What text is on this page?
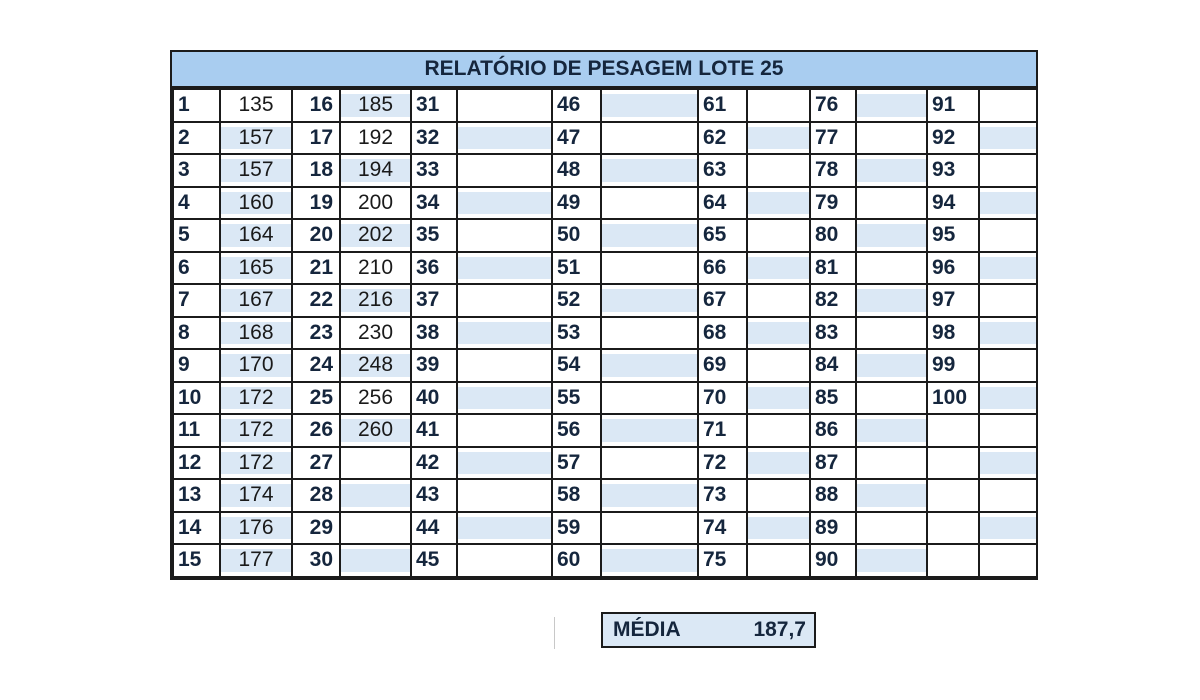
RELATÓRIO DE PESAGEM LOTE 25
1	135	16	185	31		46		61		76		91	
2	157	17	192	32		47		62		77		92	
3	157	18	194	33		48		63		78		93	
4	160	19	200	34		49		64		79		94	
5	164	20	202	35		50		65		80		95	
6	165	21	210	36		51		66		81		96	
7	167	22	216	37		52		67		82		97	
8	168	23	230	38		53		68		83		98	
9	170	24	248	39		54		69		84		99	
10	172	25	256	40		55		70		85		100	
11	172	26	260	41		56		71		86			
12	172	27		42		57		72		87			
13	174	28		43		58		73		88			
14	176	29		44		59		74		89			
15	177	30		45		60		75		90			
MÉDIA	187,7
